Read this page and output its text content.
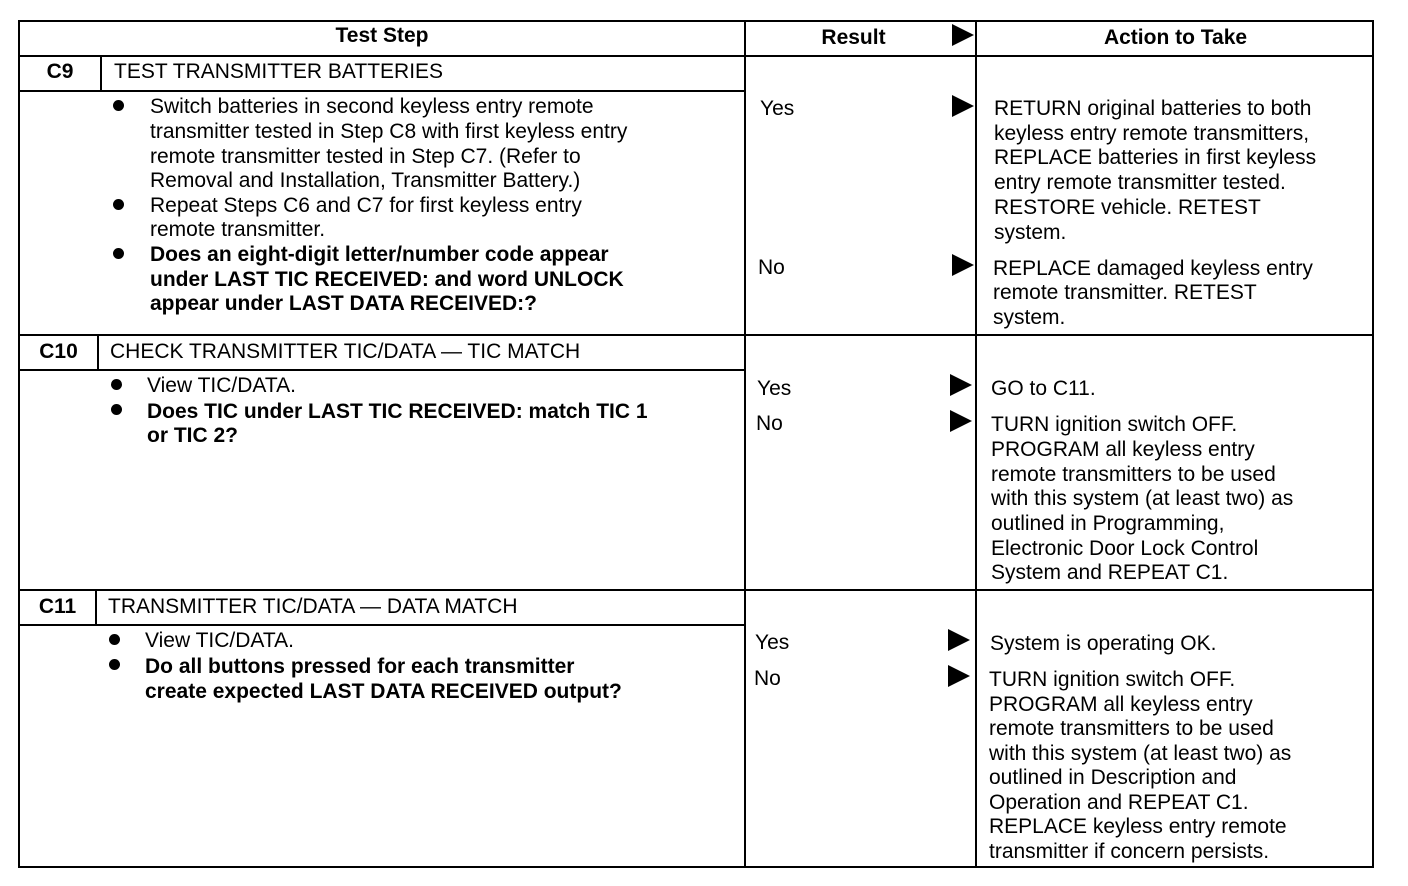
Test Step	Result	Action to Take
C9	TEST TRANSMITTER BATTERIES
Switch batteries in second keyless entry remote
transmitter tested in Step C8 with first keyless entry
remote transmitter tested in Step C7. (Refer to
Removal and Installation, Transmitter Battery.)
Repeat Steps C6 and C7 for first keyless entry
remote transmitter.
Does an eight-digit letter/number code appear
under LAST TIC RECEIVED: and word UNLOCK
appear under LAST DATA RECEIVED:?
Yes	RETURN original batteries to both
keyless entry remote transmitters,
REPLACE batteries in first keyless
entry remote transmitter tested.
RESTORE vehicle. RETEST
system.
No	REPLACE damaged keyless entry
remote transmitter. RETEST
system.
C10	CHECK TRANSMITTER TIC/DATA — TIC MATCH
View TIC/DATA.
Does TIC under LAST TIC RECEIVED: match TIC 1
or TIC 2?
Yes	GO to C11.
No	TURN ignition switch OFF.
PROGRAM all keyless entry
remote transmitters to be used
with this system (at least two) as
outlined in Programming,
Electronic Door Lock Control
System and REPEAT C1.
C11	TRANSMITTER TIC/DATA — DATA MATCH
View TIC/DATA.
Do all buttons pressed for each transmitter
create expected LAST DATA RECEIVED output?
Yes	System is operating OK.
No	TURN ignition switch OFF.
PROGRAM all keyless entry
remote transmitters to be used
with this system (at least two) as
outlined in Description and
Operation and REPEAT C1.
REPLACE keyless entry remote
transmitter if concern persists.
